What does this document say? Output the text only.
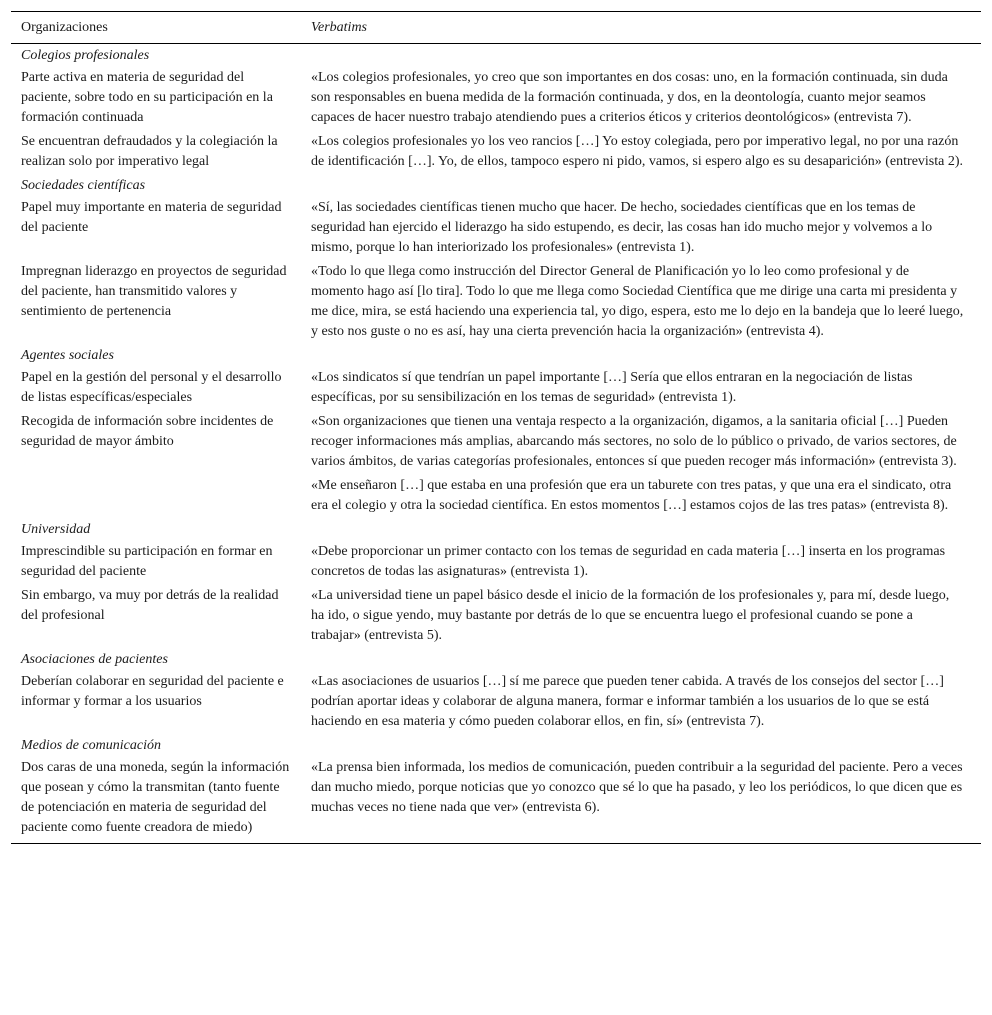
Organizaciones	Verbatims
Colegios profesionales	
Parte activa en materia de seguridad del paciente, sobre todo en su participación en la formación continuada	«Los colegios profesionales, yo creo que son importantes en dos cosas: uno, en la formación continuada, sin duda son responsables en buena medida de la formación continuada, y dos, en la deontología, cuanto mejor seamos capaces de hacer nuestro trabajo atendiendo pues a criterios éticos y criterios deontológicos» (entrevista 7).
Se encuentran defraudados y la colegiación la realizan solo por imperativo legal	«Los colegios profesionales yo los veo rancios […] Yo estoy colegiada, pero por imperativo legal, no por una razón de identificación […]. Yo, de ellos, tampoco espero ni pido, vamos, si espero algo es su desaparición» (entrevista 2).
Sociedades científicas	
Papel muy importante en materia de seguridad del paciente	«Sí, las sociedades científicas tienen mucho que hacer. De hecho, sociedades científicas que en los temas de seguridad han ejercido el liderazgo ha sido estupendo, es decir, las cosas han ido mucho mejor y volvemos a lo mismo, porque lo han interiorizado los profesionales» (entrevista 1).
Impregnan liderazgo en proyectos de seguridad del paciente, han transmitido valores y sentimiento de pertenencia	«Todo lo que llega como instrucción del Director General de Planificación yo lo leo como profesional y de momento hago así [lo tira]. Todo lo que me llega como Sociedad Científica que me dirige una carta mi presidenta y me dice, mira, se está haciendo una experiencia tal, yo digo, espera, esto me lo dejo en la bandeja que lo leeré luego, y esto nos guste o no es así, hay una cierta prevención hacia la organización» (entrevista 4).
Agentes sociales	
Papel en la gestión del personal y el desarrollo de listas específicas/especiales	«Los sindicatos sí que tendrían un papel importante […] Sería que ellos entraran en la negociación de listas específicas, por su sensibilización en los temas de seguridad» (entrevista 1).
Recogida de información sobre incidentes de seguridad de mayor ámbito	«Son organizaciones que tienen una ventaja respecto a la organización, digamos, a la sanitaria oficial […] Pueden recoger informaciones más amplias, abarcando más sectores, no solo de lo público o privado, de varios sectores, de varios ámbitos, de varias categorías profesionales, entonces sí que pueden recoger más información» (entrevista 3).
	«Me enseñaron […] que estaba en una profesión que era un taburete con tres patas, y que una era el sindicato, otra era el colegio y otra la sociedad científica. En estos momentos […] estamos cojos de las tres patas» (entrevista 8).
Universidad	
Imprescindible su participación en formar en seguridad del paciente	«Debe proporcionar un primer contacto con los temas de seguridad en cada materia […] inserta en los programas concretos de todas las asignaturas» (entrevista 1).
Sin embargo, va muy por detrás de la realidad del profesional	«La universidad tiene un papel básico desde el inicio de la formación de los profesionales y, para mí, desde luego, ha ido, o sigue yendo, muy bastante por detrás de lo que se encuentra luego el profesional cuando se pone a trabajar» (entrevista 5).
Asociaciones de pacientes	
Deberían colaborar en seguridad del paciente e informar y formar a los usuarios	«Las asociaciones de usuarios […] sí me parece que pueden tener cabida. A través de los consejos del sector […] podrían aportar ideas y colaborar de alguna manera, formar e informar también a los usuarios de lo que se está haciendo en esa materia y cómo pueden colaborar ellos, en fin, sí» (entrevista 7).
Medios de comunicación	
Dos caras de una moneda, según la información que posean y cómo la transmitan (tanto fuente de potenciación en materia de seguridad del paciente como fuente creadora de miedo)	«La prensa bien informada, los medios de comunicación, pueden contribuir a la seguridad del paciente. Pero a veces dan mucho miedo, porque noticias que yo conozco que sé lo que ha pasado, y leo los periódicos, lo que dicen que es muchas veces no tiene nada que ver» (entrevista 6).
